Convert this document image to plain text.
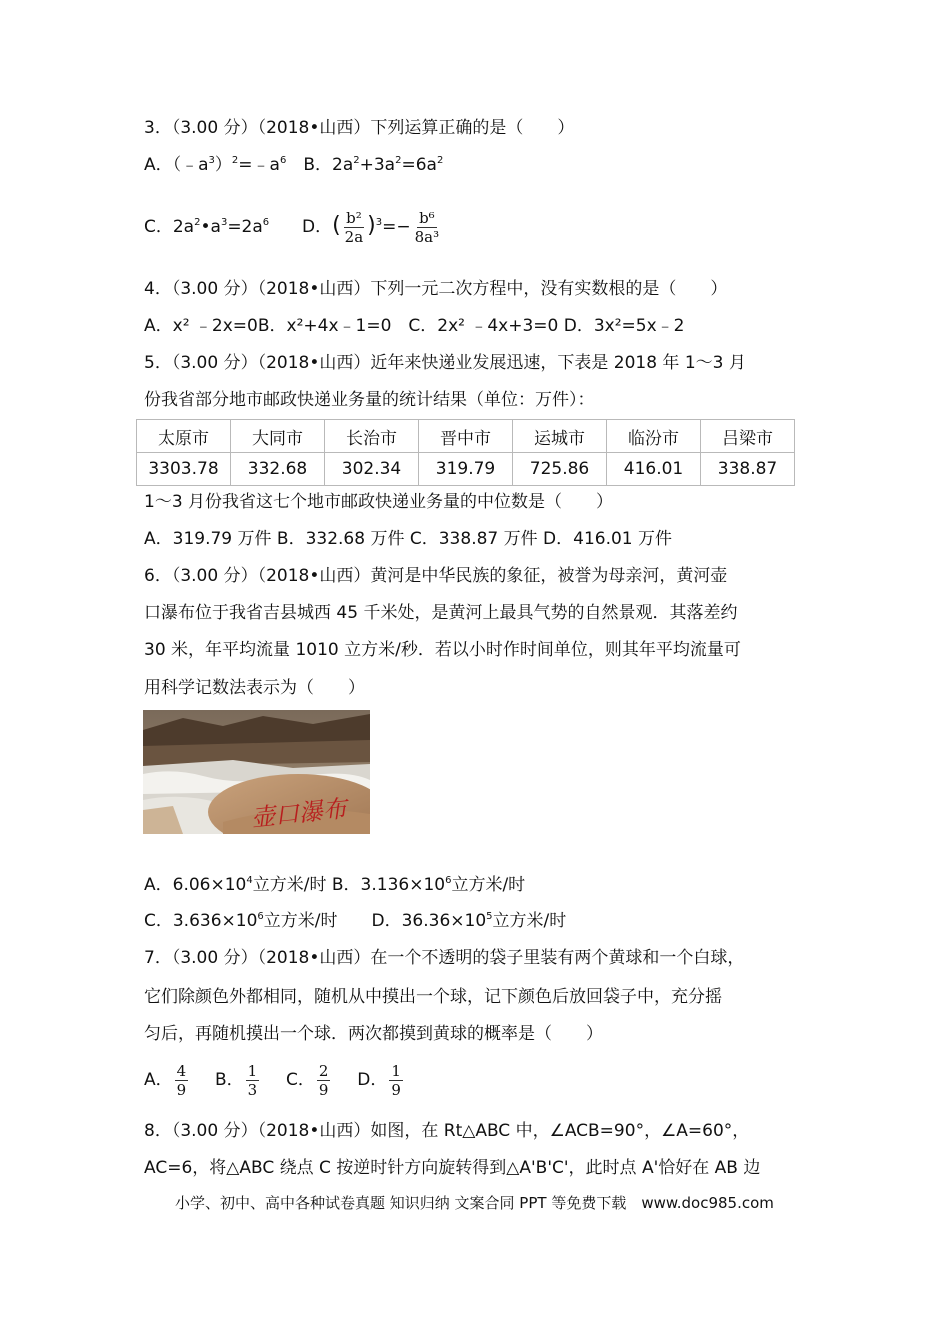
3．（3.00 分）（2018•山西）下列运算正确的是（　　）
A．$(﹣a^3)^2=﹣a^6$　B．$2a^2+3a^2=6a^2$
C．$2a^2•a^3=2a^6$ D．( $\frac{\text{b²}}{2a} )^3=- \frac{\text{b⁶}}{\text{8a³}}$
4．（3.00 分）（2018•山西）下列一元二次方程中，没有实数根的是（　　）
A．x² ﹣2x=0B．x²+4x﹣1=0　C．2x² ﹣4x+3=0 D．3x²=5x﹣2
5．（3.00 分）（2018•山西）近年来快递业发展迅速，下表是 2018 年 1～3 月
份我省部分地市邮政快递业务量的统计结果（单位：万件）：
太原市	大同市	长治市	晋中市	运城市	临汾市	吕梁市
3303.78	332.68	302.34	319.79	725.86	416.01	338.87
1～3 月份我省这七个地市邮政快递业务量的中位数是（　　）
A．319.79 万件 B．332.68 万件 C．338.87 万件 D．416.01 万件
6．（3.00 分）（2018•山西）黄河是中华民族的象征，被誉为母亲河，黄河壶
口瀑布位于我省吉县城西 45 千米处，是黄河上最具气势的自然景观．其落差约
30 米，年平均流量 1010 立方米/秒．若以小时作时间单位，则其年平均流量可
用科学记数法表示为（　　）
壶口瀑布
A．$6.06\times 10^4$立方米/时 B．$3.136\times 10^6$立方米/时
C．$3.636\times 10^6$立方米/时　　D．$36.36\times 10^5$立方米/时
7．（3.00 分）（2018•山西）在一个不透明的袋子里装有两个黄球和一个白球，
它们除颜色外都相同，随机从中摸出一个球，记下颜色后放回袋子中，充分摇
匀后，再随机摸出一个球．两次都摸到黄球的概率是（　　）
A． $\frac{4}{9}$ B． $\frac{1}{3}$ C． $\frac{2}{9}$ D． $\frac{1}{9}$
8．（3.00 分）（2018•山西）如图，在 Rt△ABC 中，∠ACB=90°，∠A=60°，
AC=6，将△ABC 绕点 C 按逆时针方向旋转得到△A'B'C'，此时点 A'恰好在 AB 边
小学、初中、高中各种试卷真题 知识归纳 文案合同 PPT 等免费下载　www.doc985.com
